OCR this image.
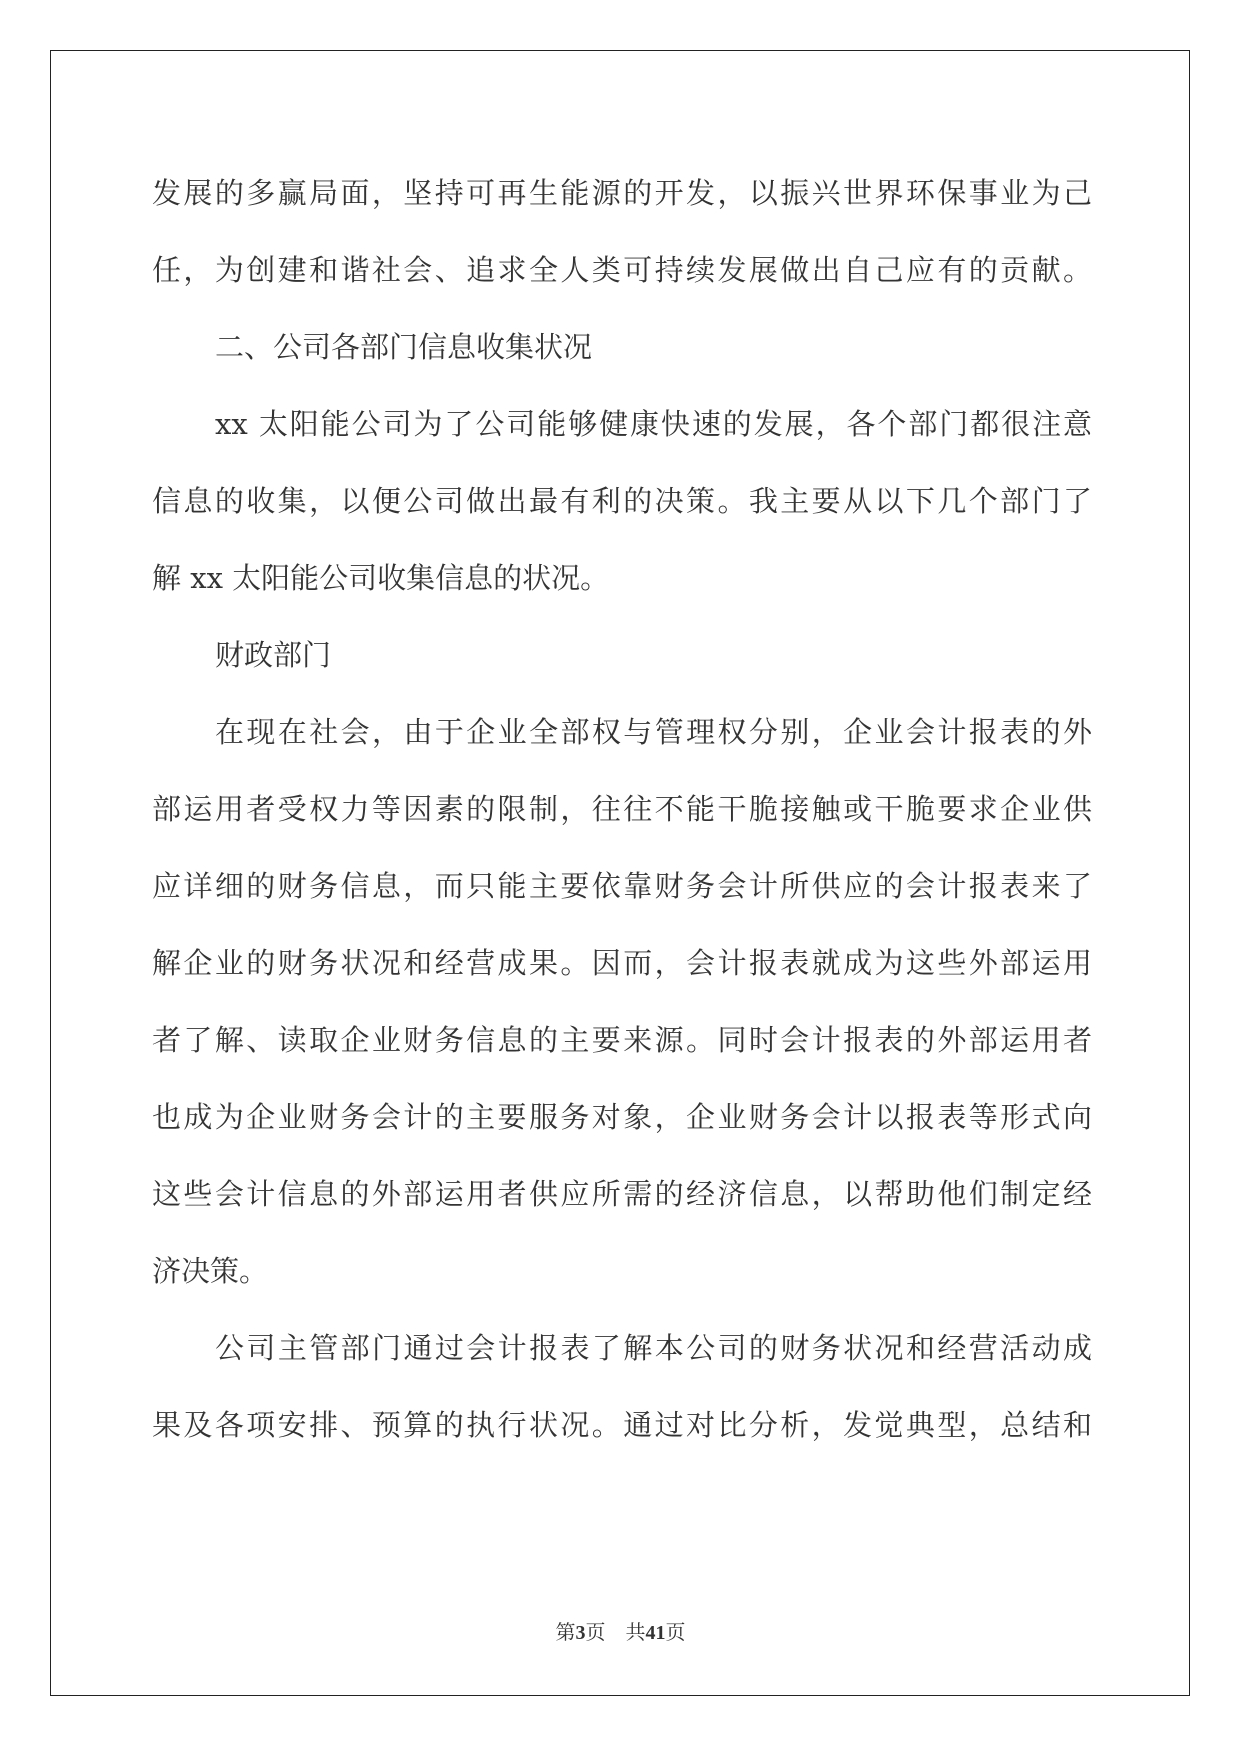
发展的多赢局面，坚持可再生能源的开发，以振兴世界环保事业为己
任，为创建和谐社会、追求全人类可持续发展做出自己应有的贡献。
二、公司各部门信息收集状况
xx 太阳能公司为了公司能够健康快速的发展，各个部门都很注意
信息的收集，以便公司做出最有利的决策。我主要从以下几个部门了
解 xx 太阳能公司收集信息的状况。
财政部门
在现在社会，由于企业全部权与管理权分别，企业会计报表的外
部运用者受权力等因素的限制，往往不能干脆接触或干脆要求企业供
应详细的财务信息，而只能主要依靠财务会计所供应的会计报表来了
解企业的财务状况和经营成果。因而，会计报表就成为这些外部运用
者了解、读取企业财务信息的主要来源。同时会计报表的外部运用者
也成为企业财务会计的主要服务对象，企业财务会计以报表等形式向
这些会计信息的外部运用者供应所需的经济信息，以帮助他们制定经
济决策。
公司主管部门通过会计报表了解本公司的财务状况和经营活动成
果及各项安排、预算的执行状况。通过对比分析，发觉典型，总结和
第3页　共41页
